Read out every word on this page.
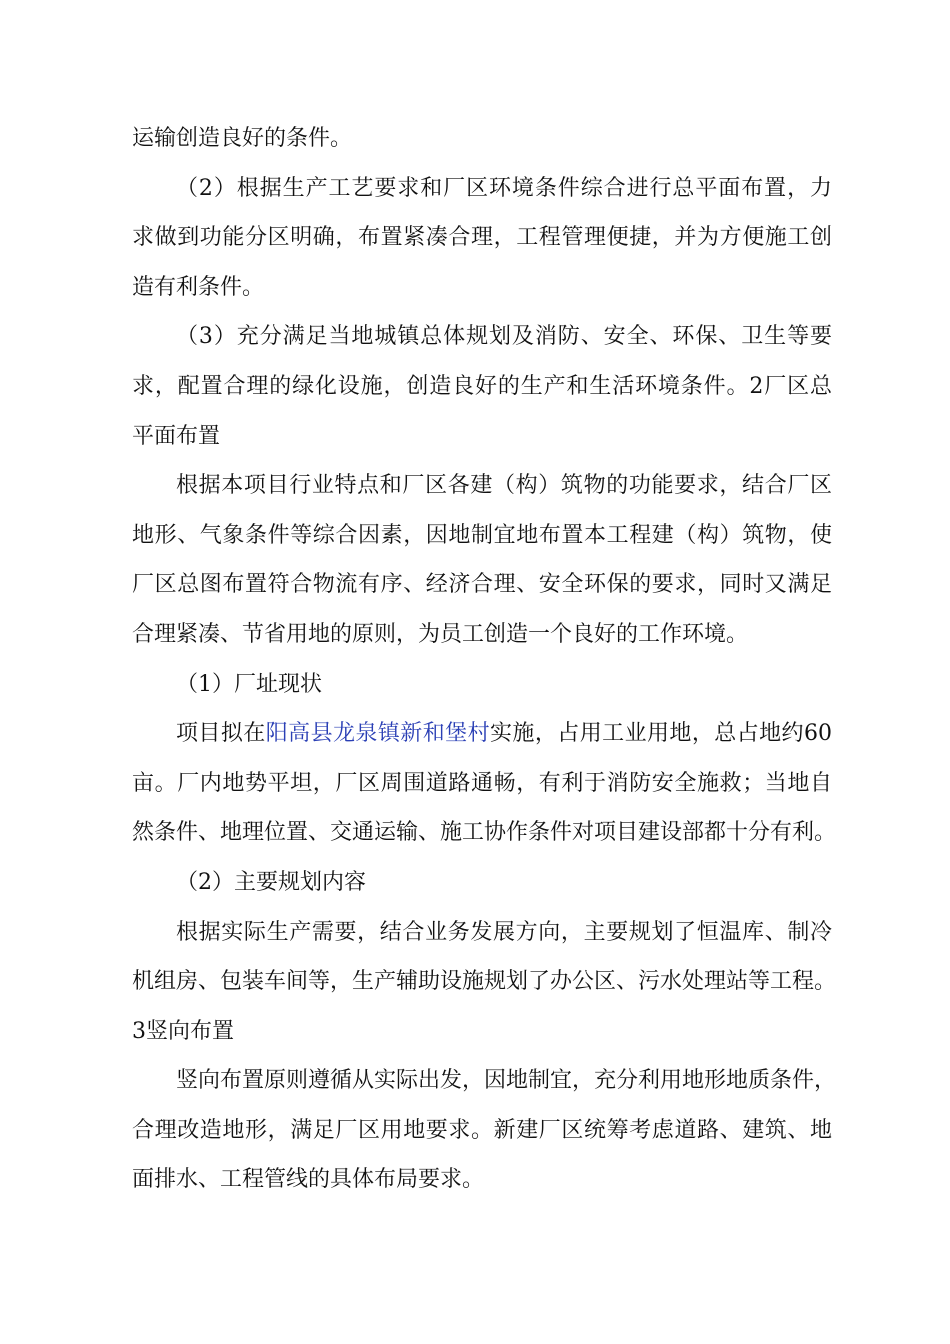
运输创造良好的条件。
（2）根据生产工艺要求和厂区环境条件综合进行总平面布置，力
求做到功能分区明确，布置紧凑合理，工程管理便捷，并为方便施工创
造有利条件。
（3）充分满足当地城镇总体规划及消防、安全、环保、卫生等要
求，配置合理的绿化设施，创造良好的生产和生活环境条件。2厂区总
平面布置
根据本项目行业特点和厂区各建（构）筑物的功能要求，结合厂区
地形、气象条件等综合因素，因地制宜地布置本工程建（构）筑物，使
厂区总图布置符合物流有序、经济合理、安全环保的要求，同时又满足
合理紧凑、节省用地的原则，为员工创造一个良好的工作环境。
（1）厂址现状
项目拟在阳高县龙泉镇新和堡村实施，占用工业用地，总占地约60
亩。厂内地势平坦，厂区周围道路通畅，有利于消防安全施救；当地自
然条件、地理位置、交通运输、施工协作条件对项目建设部都十分有利。
（2）主要规划内容
根据实际生产需要，结合业务发展方向，主要规划了恒温库、制冷
机组房、包装车间等，生产辅助设施规划了办公区、污水处理站等工程。
3竖向布置
竖向布置原则遵循从实际出发，因地制宜，充分利用地形地质条件，
合理改造地形，满足厂区用地要求。新建厂区统筹考虑道路、建筑、地
面排水、工程管线的具体布局要求。
